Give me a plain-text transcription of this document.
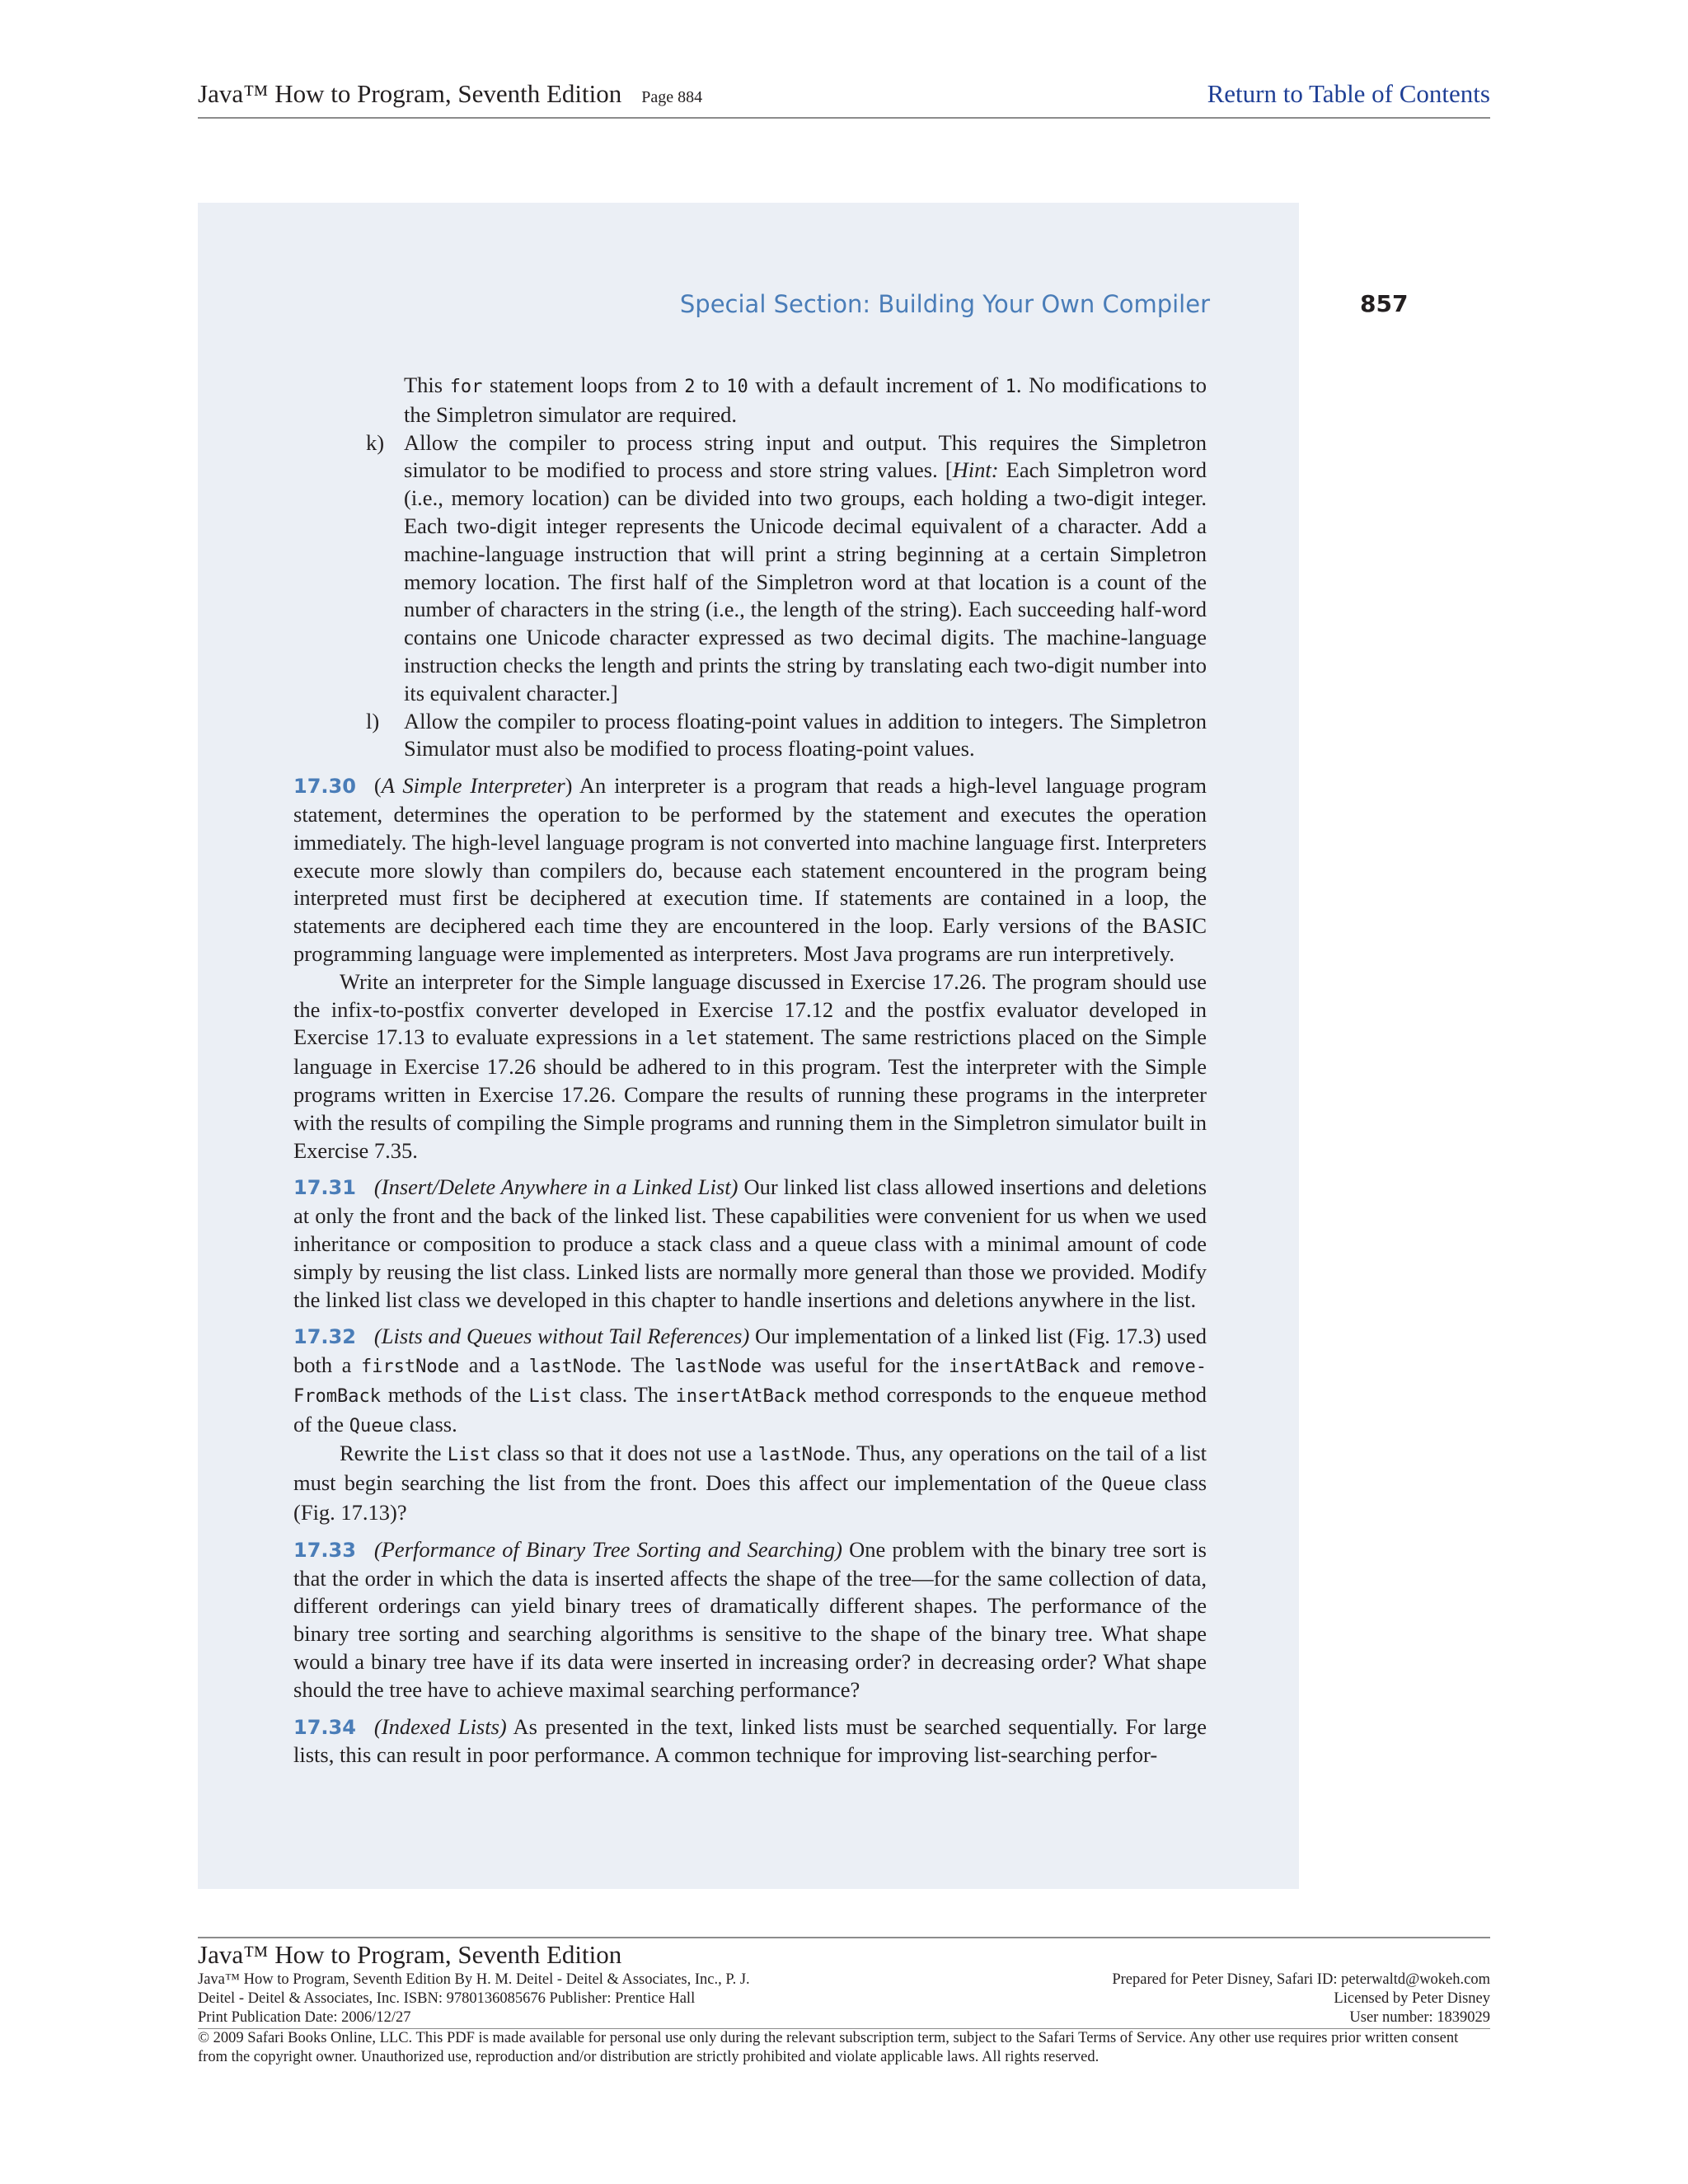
Java™ How to Program, Seventh Edition Page 884	Return to Table of Contents
Special Section: Building Your Own Compiler	857

This for statement loops from 2 to 10 with a default increment of 1. No modifications to the Simpletron simulator are required.

k) Allow the compiler to process string input and output. This requires the Simpletron simulator to be modified to process and store string values. [Hint: Each Simpletron word (i.e., memory location) can be divided into two groups, each holding a two-digit integer. Each two-digit integer represents the Unicode decimal equivalent of a character. Add a machine-language instruction that will print a string beginning at a certain Simpletron memory location. The first half of the Simpletron word at that location is a count of the number of characters in the string (i.e., the length of the string). Each succeeding half-word contains one Unicode character expressed as two decimal digits. The machine-language instruction checks the length and prints the string by translating each two-digit number into its equivalent character.]

l) Allow the compiler to process floating-point values in addition to integers. The Simpletron Simulator must also be modified to process floating-point values.

17.30 (A Simple Interpreter) An interpreter is a program that reads a high-level language program statement, determines the operation to be performed by the statement and executes the operation immediately. The high-level language program is not converted into machine language first. Interpreters execute more slowly than compilers do, because each statement encountered in the program being interpreted must first be deciphered at execution time. If statements are contained in a loop, the statements are deciphered each time they are encountered in the loop. Early versions of the BASIC programming language were implemented as interpreters. Most Java programs are run interpretively.

Write an interpreter for the Simple language discussed in Exercise 17.26. The program should use the infix-to-postfix converter developed in Exercise 17.12 and the postfix evaluator developed in Exercise 17.13 to evaluate expressions in a let statement. The same restrictions placed on the Simple language in Exercise 17.26 should be adhered to in this program. Test the interpreter with the Simple programs written in Exercise 17.26. Compare the results of running these programs in the interpreter with the results of compiling the Simple programs and running them in the Simpletron simulator built in Exercise 7.35.

17.31 (Insert/Delete Anywhere in a Linked List) Our linked list class allowed insertions and deletions at only the front and the back of the linked list. These capabilities were convenient for us when we used inheritance or composition to produce a stack class and a queue class with a minimal amount of code simply by reusing the list class. Linked lists are normally more general than those we provided. Modify the linked list class we developed in this chapter to handle insertions and deletions anywhere in the list.

17.32 (Lists and Queues without Tail References) Our implementation of a linked list (Fig. 17.3) used both a firstNode and a lastNode. The lastNode was useful for the insertAtBack and remove-FromBack methods of the List class. The insertAtBack method corresponds to the enqueue method of the Queue class.

Rewrite the List class so that it does not use a lastNode. Thus, any operations on the tail of a list must begin searching the list from the front. Does this affect our implementation of the Queue class (Fig. 17.13)?

17.33 (Performance of Binary Tree Sorting and Searching) One problem with the binary tree sort is that the order in which the data is inserted affects the shape of the tree—for the same collection of data, different orderings can yield binary trees of dramatically different shapes. The performance of the binary tree sorting and searching algorithms is sensitive to the shape of the binary tree. What shape would a binary tree have if its data were inserted in increasing order? in decreasing order? What shape should the tree have to achieve maximal searching performance?

17.34 (Indexed Lists) As presented in the text, linked lists must be searched sequentially. For large lists, this can result in poor performance. A common technique for improving list-searching perfor-

Java™ How to Program, Seventh Edition
Java™ How to Program, Seventh Edition By H. M. Deitel - Deitel & Associates, Inc., P. J.
Deitel - Deitel & Associates, Inc. ISBN: 9780136085676 Publisher: Prentice Hall
Print Publication Date: 2006/12/27
Prepared for Peter Disney, Safari ID: peterwaltd@wokeh.com
Licensed by Peter Disney
User number: 1839029
© 2009 Safari Books Online, LLC. This PDF is made available for personal use only during the relevant subscription term, subject to the Safari Terms of Service. Any other use requires prior written consent from the copyright owner. Unauthorized use, reproduction and/or distribution are strictly prohibited and violate applicable laws. All rights reserved.
